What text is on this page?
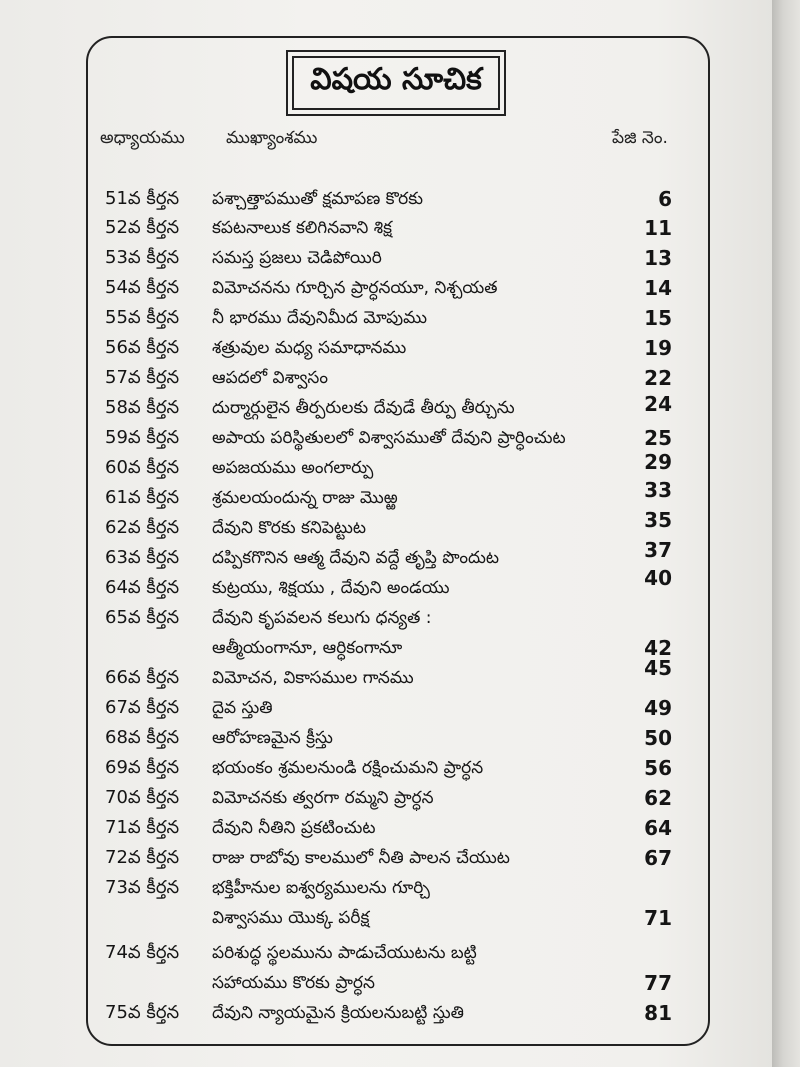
విషయ సూచిక
అధ్యాయము ముఖ్యాంశము	పేజి నెం.
51వ కీర్తన పశ్చాత్తాపముతో క్షమాపణ కొరకు	6
52వ కీర్తన కపటనాలుక కలిగినవాని శిక్ష	11
53వ కీర్తన సమస్త ప్రజలు చెడిపోయిరి	13
54వ కీర్తన విమోచనను గూర్చిన ప్రార్ధనయూ, నిశ్చయత	14
55వ కీర్తన నీ భారము దేవునిమీద మోపుము	15
56వ కీర్తన శత్రువుల మధ్య సమాధానము	19
57వ కీర్తన ఆపదలో విశ్వాసం	22
58వ కీర్తన దుర్మార్గులైన తీర్పరులకు దేవుడే తీర్పు తీర్చును	24
59వ కీర్తన అపాయ పరిస్థితులలో విశ్వాసముతో దేవుని ప్రార్ధించుట	25
60వ కీర్తన అపజయము అంగలార్పు	29
61వ కీర్తన శ్రమలయందున్న రాజు మొఱ్ఱ	33
62వ కీర్తన దేవుని కొరకు కనిపెట్టుట	35
63వ కీర్తన దప్పికగొనిన ఆత్మ దేవుని వద్దే తృప్తి పొందుట	37
64వ కీర్తన కుట్రయు, శిక్షయు , దేవుని అండయు	40
65వ కీర్తన దేవుని కృపవలన కలుగు ధన్యత :
ఆత్మీయంగానూ, ఆర్ధికంగానూ	42
66వ కీర్తన విమోచన, వికాసముల గానము	45
67వ కీర్తన దైవ స్తుతి	49
68వ కీర్తన ఆరోహణమైన క్రీస్తు	50
69వ కీర్తన భయంకం శ్రమలనుండి రక్షించుమని ప్రార్ధన	56
70వ కీర్తన విమోచనకు త్వరగా రమ్మని ప్రార్ధన	62
71వ కీర్తన దేవుని నీతిని ప్రకటించుట	64
72వ కీర్తన రాజు రాబోవు కాలములో నీతి పాలన చేయుట	67
73వ కీర్తన భక్తిహీనుల ఐశ్వర్యములను గూర్చి
విశ్వాసము యొక్క పరీక్ష	71
74వ కీర్తన పరిశుద్ధ స్థలమును పాడుచేయుటను బట్టి
సహాయము కొరకు ప్రార్ధన	77
75వ కీర్తన దేవుని న్యాయమైన క్రియలనుబట్టి స్తుతి	81
